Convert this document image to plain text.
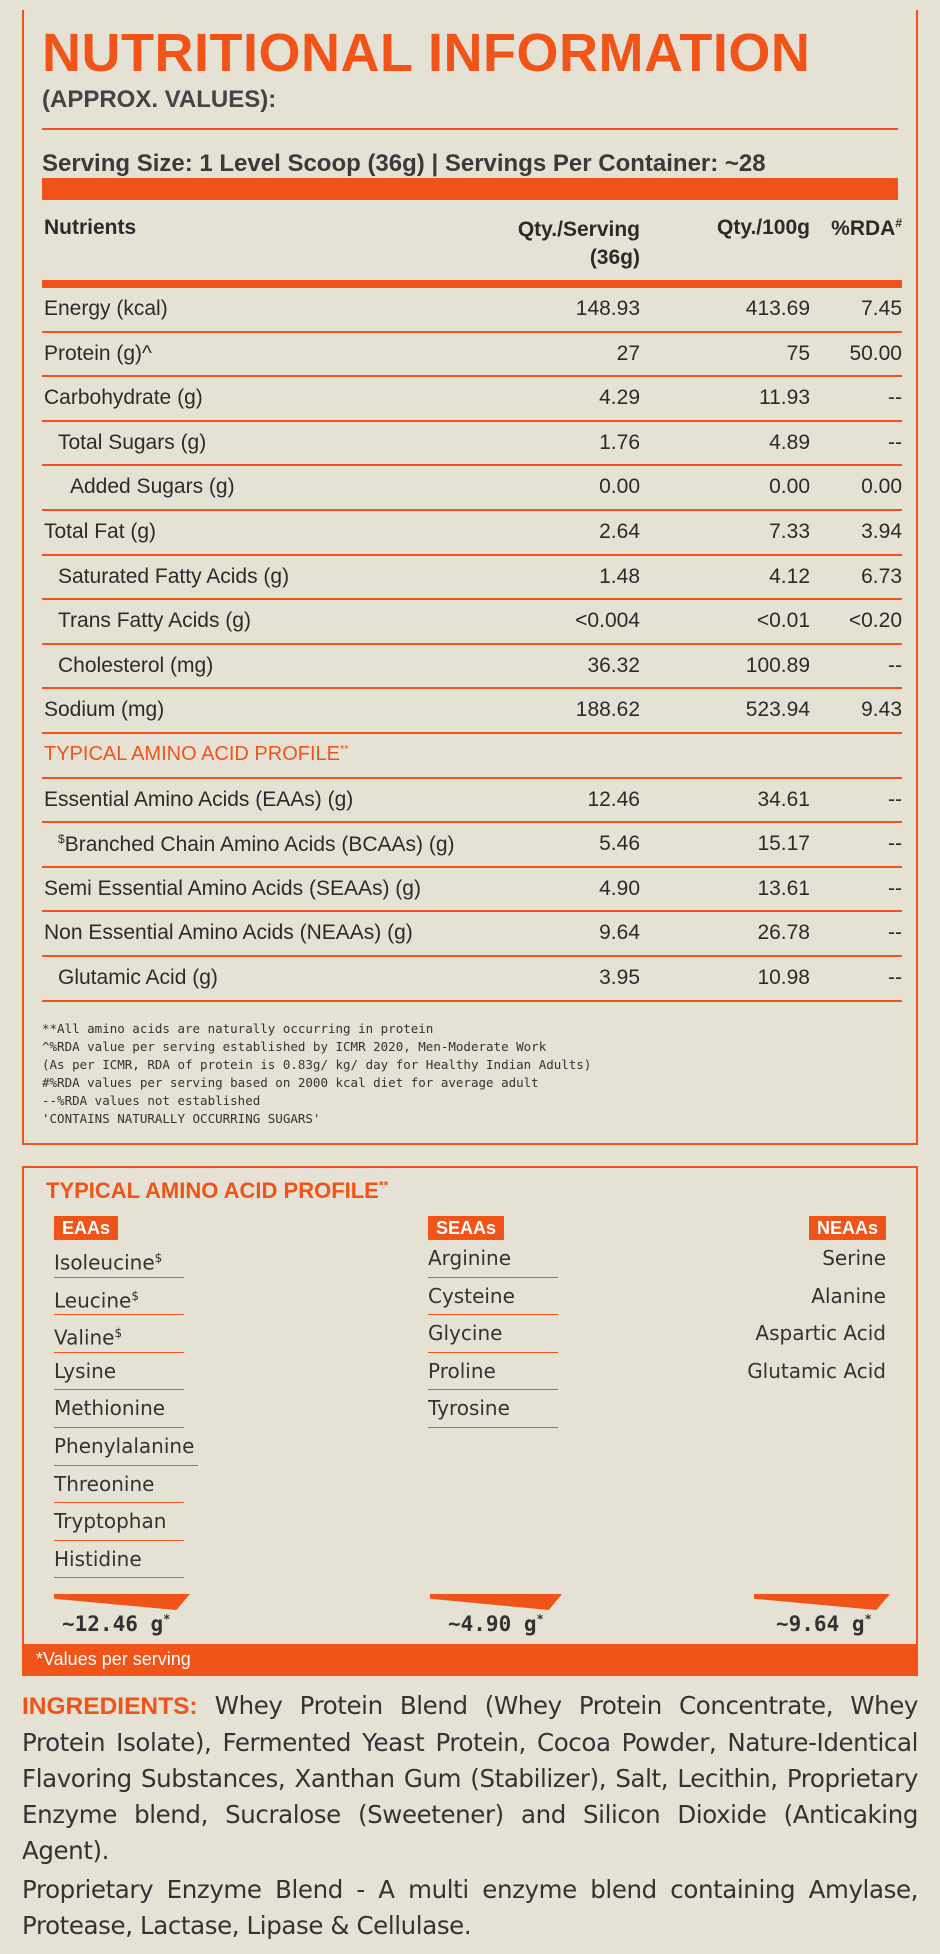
NUTRITIONAL INFORMATION
(APPROX. VALUES):
Serving Size: 1 Level Scoop (36g) | Servings Per Container: ~28
Nutrients	Qty./Serving
(36g)
Qty./100g %RDA#
Energy (kcal)	148.93	413.69 7.45
Protein (g)^	27	75 50.00
Carbohydrate (g)	4.29	11.93	--
Total Sugars (g)	1.76	4.89	--
Added Sugars (g)	0.00	0.00 0.00
Total Fat (g)	2.64	7.33 3.94
Saturated Fatty Acids (g)	1.48	4.12 6.73
Trans Fatty Acids (g)	<0.004	<0.01 <0.20
Cholesterol (mg)	36.32	100.89	--
Sodium (mg)	188.62	523.94 9.43
TYPICAL AMINO ACID PROFILE**
Essential Amino Acids (EAAs) (g)	12.46	34.61	--
$Branched Chain Amino Acids (BCAAs) (g)	5.46	15.17	--
Semi Essential Amino Acids (SEAAs) (g)	4.90	13.61	--
Non Essential Amino Acids (NEAAs) (g)	9.64	26.78	--
Glutamic Acid (g)	3.95	10.98	--
**All amino acids are naturally occurring in protein
^%RDA value per serving established by ICMR 2020, Men-Moderate Work
(As per ICMR, RDA of protein is 0.83g/ kg/ day for Healthy Indian Adults)
#%RDA values per serving based on 2000 kcal diet for average adult
--%RDA values not established
'CONTAINS NATURALLY OCCURRING SUGARS'
TYPICAL AMINO ACID PROFILE**
EAAs
Isoleucine$
Leucine$
Valine$
Lysine
Methionine
Phenylalanine
Threonine
Tryptophan
Histidine
SEAAs
Arginine
Cysteine
Glycine
Proline
Tyrosine
NEAAs
Serine
Alanine
Aspartic Acid
Glutamic Acid
~12.46 g*	~4.90 g*	~9.64 g*
*Values per serving
INGREDIENTS: Whey Protein Blend (Whey Protein Concentrate, Whey Protein Isolate), Fermented Yeast Protein, Cocoa Powder, Nature-Identical Flavoring Substances, Xanthan Gum (Stabilizer), Salt, Lecithin, Proprietary Enzyme blend, Sucralose (Sweetener) and Silicon Dioxide (Anticaking Agent).
Proprietary Enzyme Blend - A multi enzyme blend containing Amylase, Protease, Lactase, Lipase & Cellulase.
